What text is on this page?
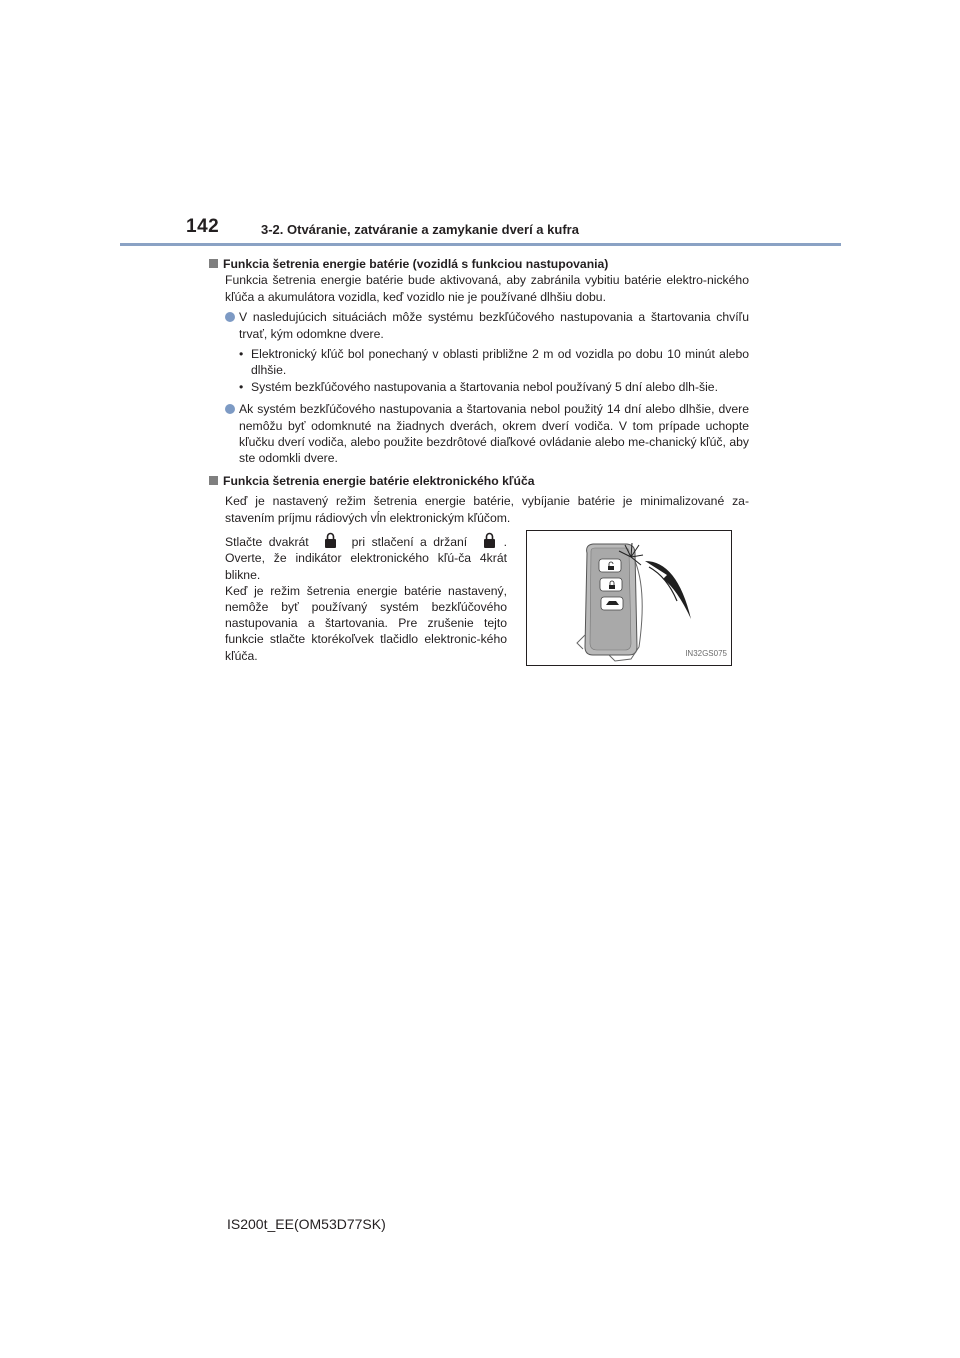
142	3-2. Otváranie, zatváranie a zamykanie dverí a kufra
Funkcia šetrenia energie batérie (vozidlá s funkciou nastupovania)
Funkcia šetrenia energie batérie bude aktivovaná, aby zabránila vybitiu batérie elektro-nického kľúča a akumulátora vozidla, keď vozidlo nie je používané dlhšiu dobu.
V nasledujúcich situáciách môže systému bezkľúčového nastupovania a štartovania chvíľu trvať, kým odomkne dvere.
• Elektronický kľúč bol ponechaný v oblasti približne 2 m od vozidla po dobu 10 minút alebo dlhšie.
• Systém bezkľúčového nastupovania a štartovania nebol používaný 5 dní alebo dlh-šie.
Ak systém bezkľúčového nastupovania a štartovania nebol použitý 14 dní alebo dlhšie, dvere nemôžu byť odomknuté na žiadnych dverách, okrem dverí vodiča. V tom prípade uchopte kľučku dverí vodiča, alebo použite bezdrôtové diaľkové ovládanie alebo me-chanický kľúč, aby ste odomkli dvere.
Funkcia šetrenia energie batérie elektronického kľúča
Keď je nastavený režim šetrenia energie batérie, vybíjanie batérie je minimalizované za-stavením príjmu rádiových vĺn elektronickým kľúčom.
Stlačte dvakrát	pri stlačení a držaní	. Overte, že indikátor elektronického kľú-ča 4krát blikne.
Keď je režim šetrenia energie batérie nastavený, nemôže byť používaný systém bezkľúčového nastupovania a štartovania. Pre zrušenie tejto funkcie stlačte ktorékoľvek tlačidlo elektronic-kého kľúča.	IN32GS075
IS200t_EE(OM53D77SK)
